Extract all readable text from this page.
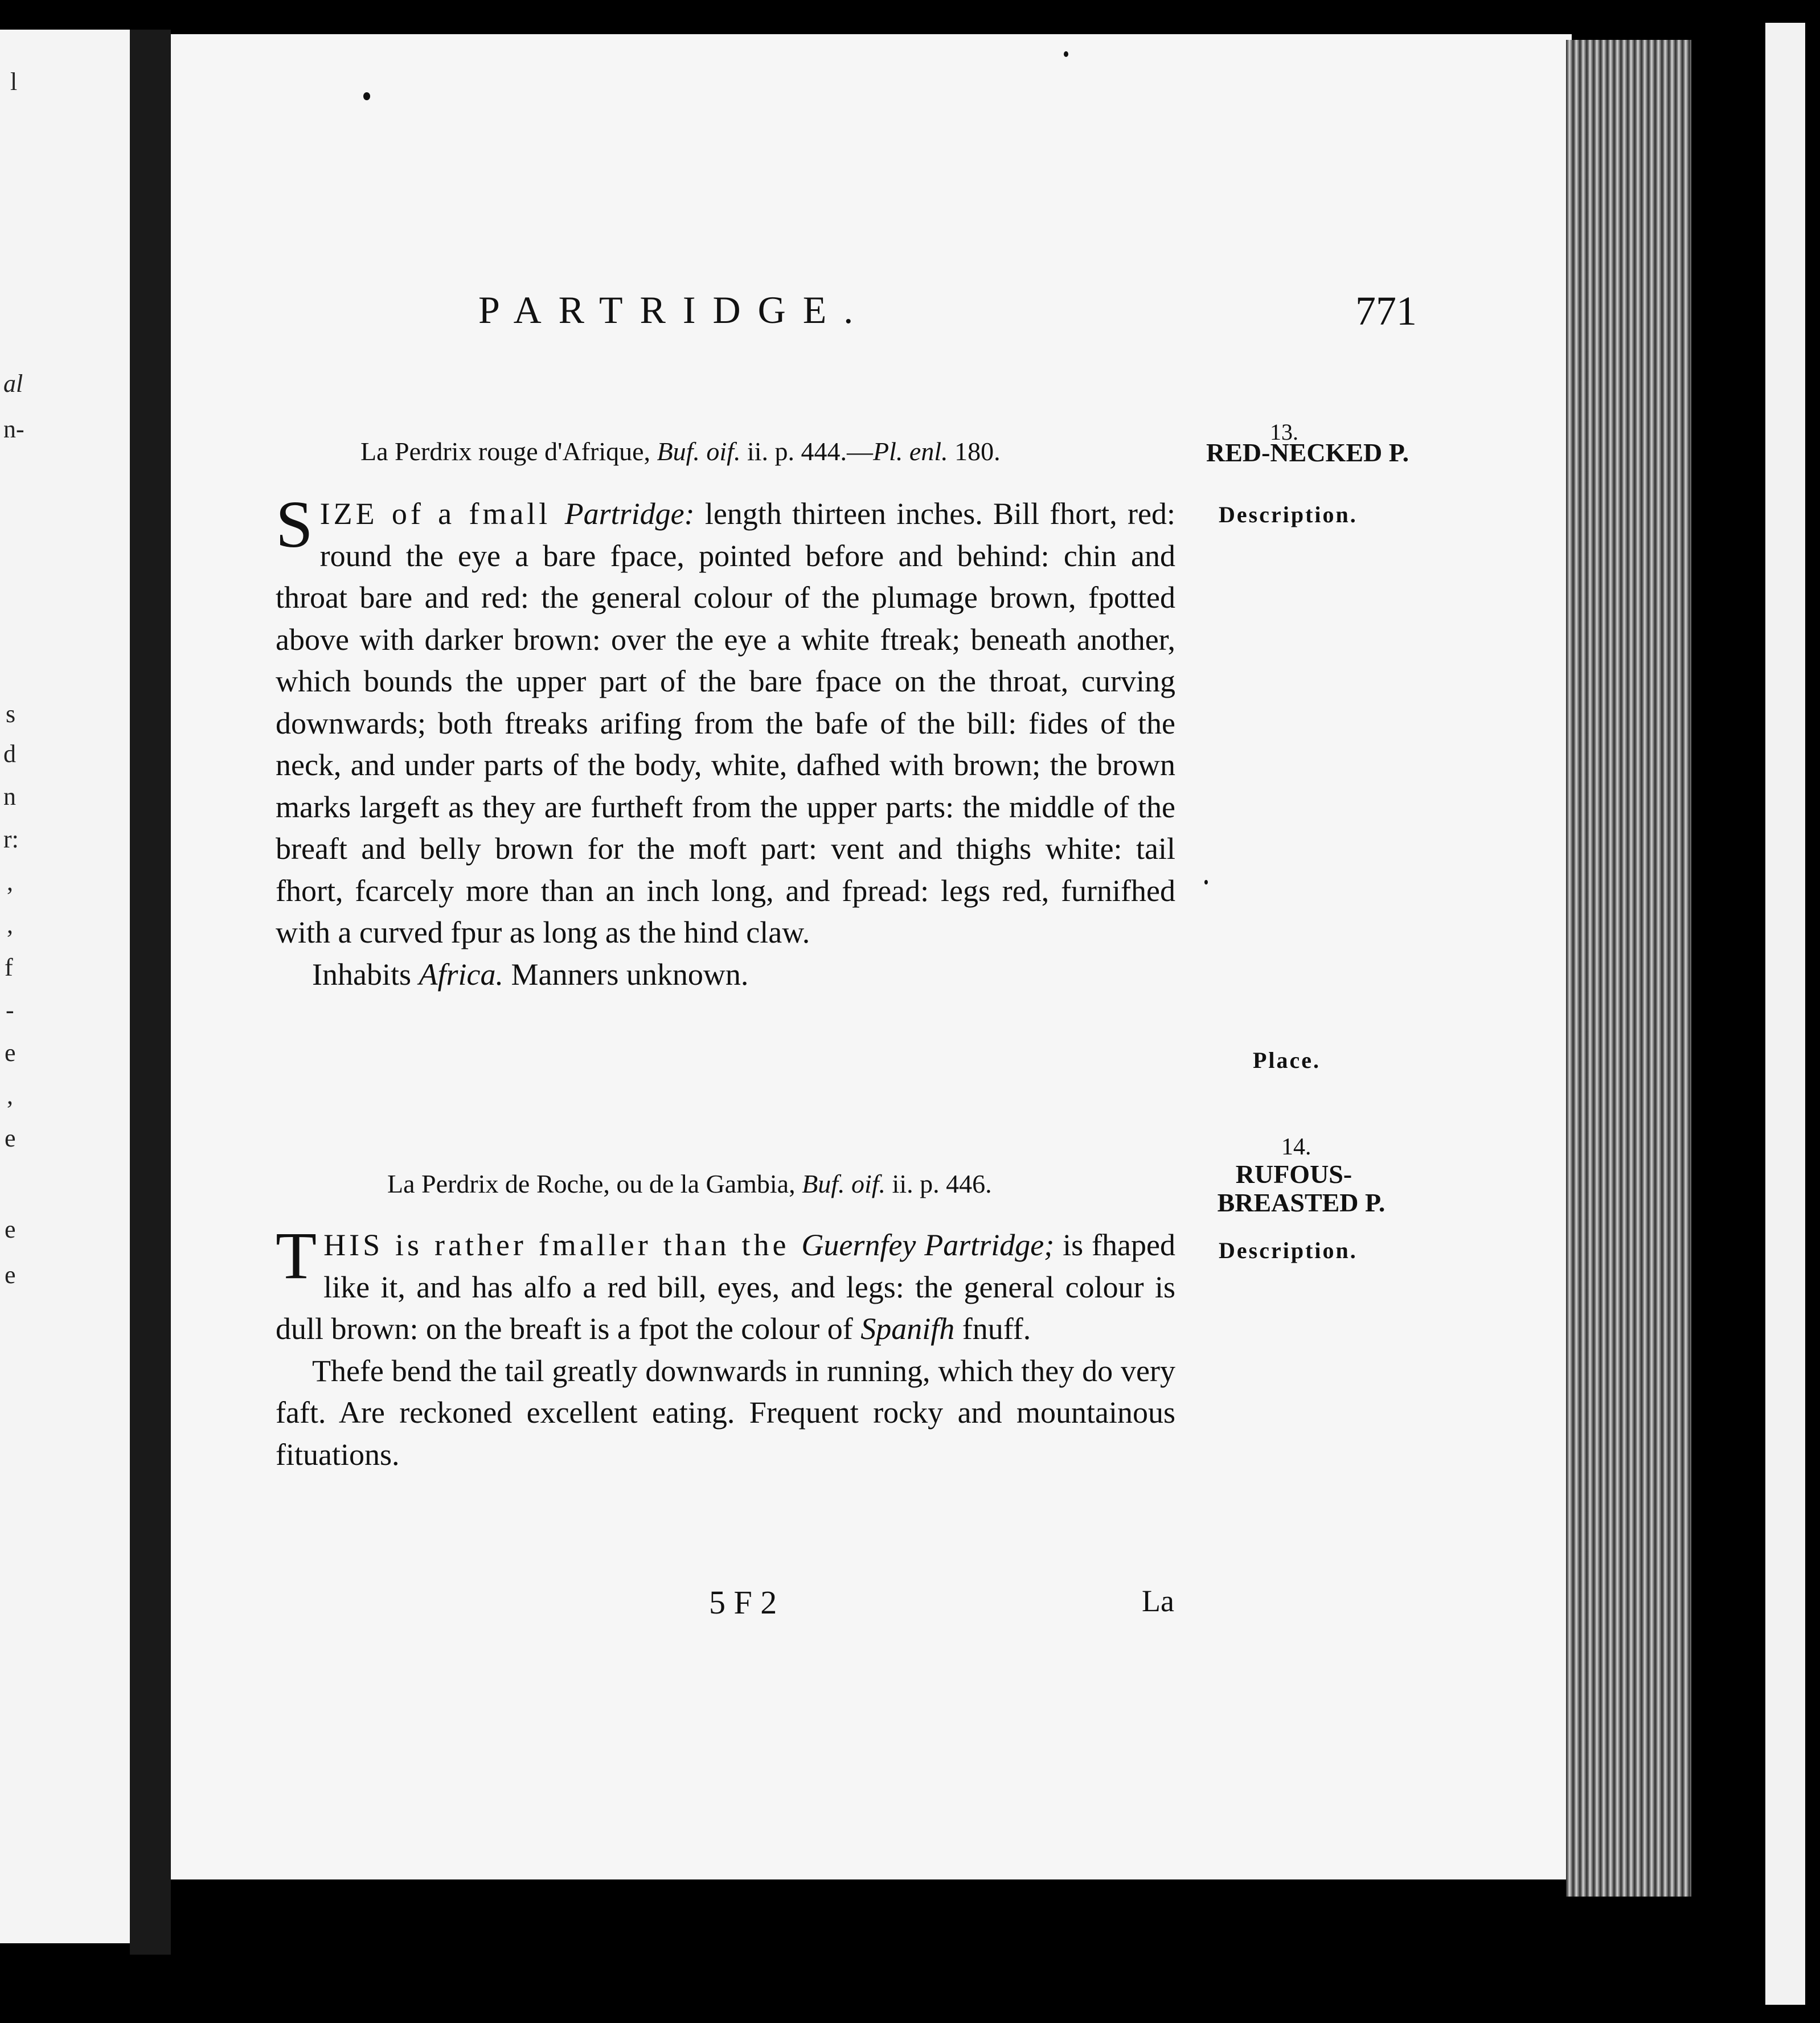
l
al
n-
s
d
n
r:
,
,
f
-
e
,
e
e
e
PARTRIDGE.	771
La Perdrix rouge d'Afrique, Buf. oif. ii. p. 444.—Pl. enl. 180.
13.
RED-NECKED P.
Description.
Place.

SIZE of a fmall Partridge: length thirteen inches. Bill fhort, red: round the eye a bare fpace, pointed before and behind: chin and throat bare and red: the general colour of the plumage brown, fpotted above with darker brown: over the eye a white ftreak; beneath another, which bounds the upper part of the bare fpace on the throat, curving downwards; both ftreaks arifing from the bafe of the bill: fides of the neck, and under parts of the body, white, dafhed with brown; the brown marks largeft as they are furtheft from the upper parts: the middle of the breaft and belly brown for the moft part: vent and thighs white: tail fhort, fcarcely more than an inch long, and fpread: legs red, furnifhed with a curved fpur as long as the hind claw.

Inhabits Africa. Manners unknown.

La Perdrix de Roche, ou de la Gambia, Buf. oif. ii. p. 446.
14.
RUFOUS-
BREASTED P.
Description.

THIS is rather fmaller than the Guernfey Partridge; is fhaped like it, and has alfo a red bill, eyes, and legs: the general colour is dull brown: on the breaft is a fpot the colour of Spanifh fnuff.

Thefe bend the tail greatly downwards in running, which they do very faft. Are reckoned excellent eating. Frequent rocky and mountainous fituations.

5 F 2	La
